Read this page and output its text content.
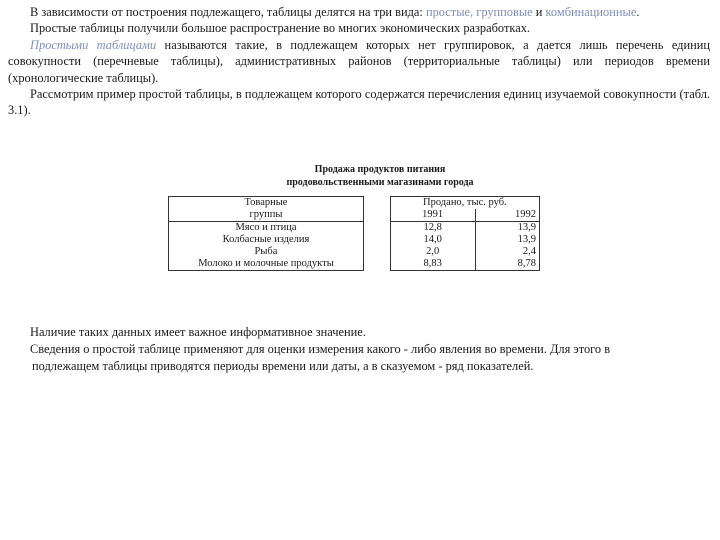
В зависимости от построения подлежащего, таблицы делятся на три вида: простые, групповые и комбинационные.

Простые таблицы получили большое распространение во многих экономических разработках.

Простыми таблицами называются такие, в подлежащем которых нет группировок, а дается лишь перечень единиц совокупности (перечневые таблицы), административных районов (территориальные таблицы) или периодов времени (хронологические таблицы).

Рассмотрим пример простой таблицы, в подлежащем которого содержатся перечисления единиц изучаемой совокупности (табл. 3.1).

Продажа продуктов питания
продовольственными магазинами города
Товарные		Продано, тыс. руб.	
группы		1991	1992
Мясо и птица		12,8	13,9
Колбасные изделия		14,0	13,9
Рыба		2,0	2,4
Молоко и молочные продукты		8,83	8,78

Наличие таких данных имеет важное информативное значение.

Сведения о простой таблице применяют для оценки измерения какого - либо явления во времени. Для этого в

подлежащем таблицы приводятся периоды времени или даты, а в сказуемом - ряд показателей.
